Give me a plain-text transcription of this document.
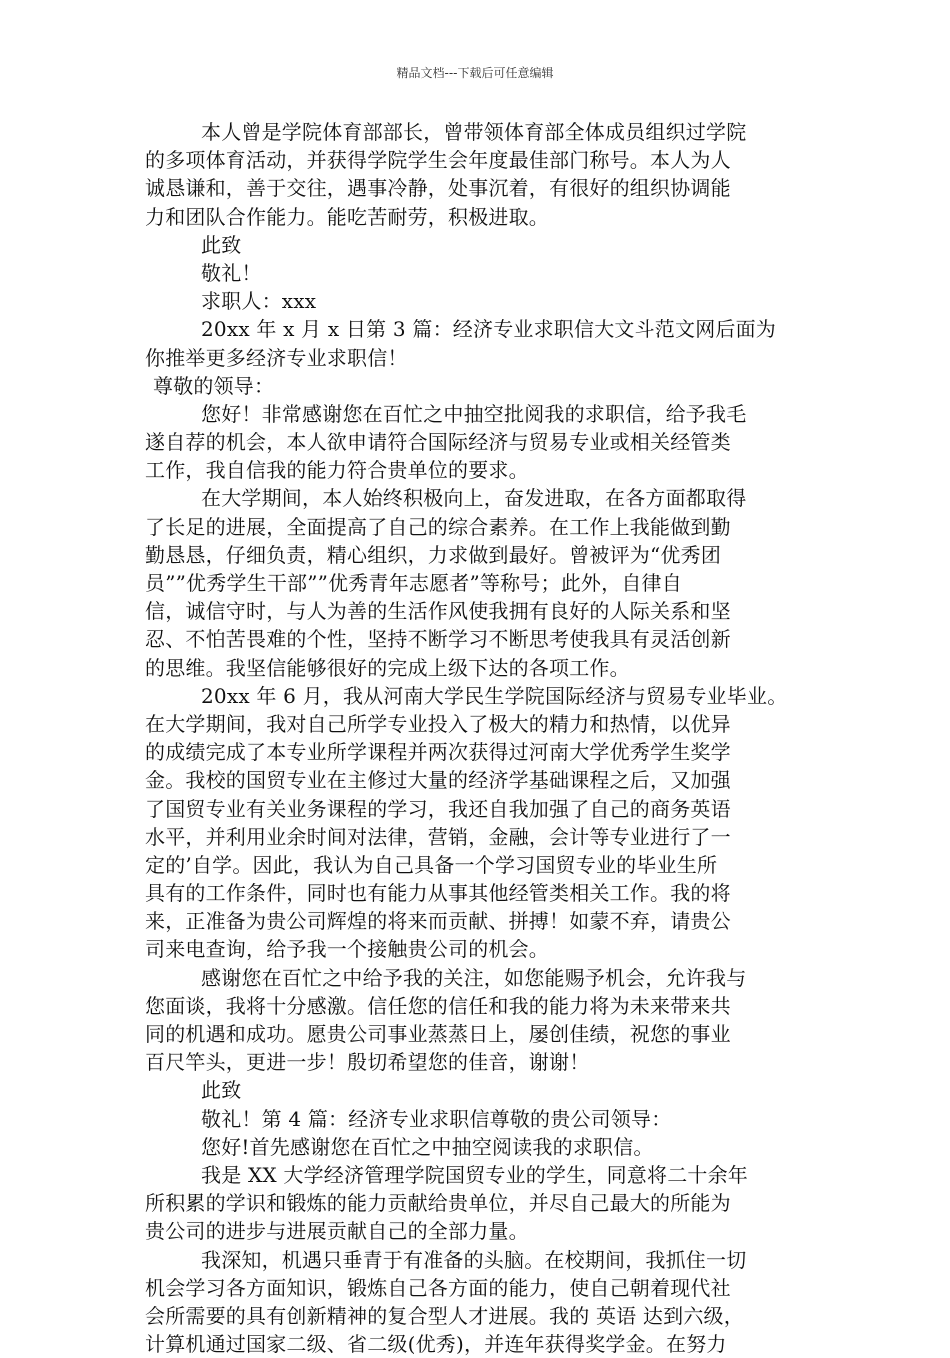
精品文档---下载后可任意编辑
本人曾是学院体育部部长，曾带领体育部全体成员组织过学院
的多项体育活动，并获得学院学生会年度最佳部门称号。本人为人
诚恳谦和，善于交往，遇事冷静，处事沉着，有很好的组织协调能
力和团队合作能力。能吃苦耐劳，积极进取。
此致
敬礼！
求职人：xxx
20xx 年 x 月 x 日第 3 篇：经济专业求职信大文斗范文网后面为
你推举更多经济专业求职信！
尊敬的领导：
您好！非常感谢您在百忙之中抽空批阅我的求职信，给予我毛
遂自荐的机会，本人欲申请符合国际经济与贸易专业或相关经管类
工作，我自信我的能力符合贵单位的要求。
在大学期间，本人始终积极向上，奋发进取，在各方面都取得
了长足的进展，全面提高了自己的综合素养。在工作上我能做到勤
勤恳恳，仔细负责，精心组织，力求做到最好。曾被评为“优秀团
员””优秀学生干部””优秀青年志愿者”等称号；此外，自律自
信，诚信守时，与人为善的生活作风使我拥有良好的人际关系和坚
忍、不怕苦畏难的个性，坚持不断学习不断思考使我具有灵活创新
的思维。我坚信能够很好的完成上级下达的各项工作。
20xx 年 6 月，我从河南大学民生学院国际经济与贸易专业毕业。
在大学期间，我对自己所学专业投入了极大的精力和热情，以优异
的成绩完成了本专业所学课程并两次获得过河南大学优秀学生奖学
金。我校的国贸专业在主修过大量的经济学基础课程之后，又加强
了国贸专业有关业务课程的学习，我还自我加强了自己的商务英语
水平，并利用业余时间对法律，营销，金融，会计等专业进行了一
定的’自学。因此，我认为自己具备一个学习国贸专业的毕业生所
具有的工作条件，同时也有能力从事其他经管类相关工作。我的将
来，正准备为贵公司辉煌的将来而贡献、拼搏！如蒙不弃，请贵公
司来电查询，给予我一个接触贵公司的机会。
感谢您在百忙之中给予我的关注，如您能赐予机会，允许我与
您面谈，我将十分感激。信任您的信任和我的能力将为未来带来共
同的机遇和成功。愿贵公司事业蒸蒸日上，屡创佳绩，祝您的事业
百尺竿头，更进一步！殷切希望您的佳音，谢谢！
此致
敬礼！第 4 篇：经济专业求职信尊敬的贵公司领导：
您好!首先感谢您在百忙之中抽空阅读我的求职信。
我是 XX 大学经济管理学院国贸专业的学生，同意将二十余年
所积累的学识和锻炼的能力贡献给贵单位，并尽自己最大的所能为
贵公司的进步与进展贡献自己的全部力量。
我深知，机遇只垂青于有准备的头脑。在校期间，我抓住一切
机会学习各方面知识，锻炼自己各方面的能力，使自己朝着现代社
会所需要的具有创新精神的复合型人才进展。我的 英语 达到六级，
计算机通过国家二级、省二级(优秀)，并连年获得奖学金。在努力
